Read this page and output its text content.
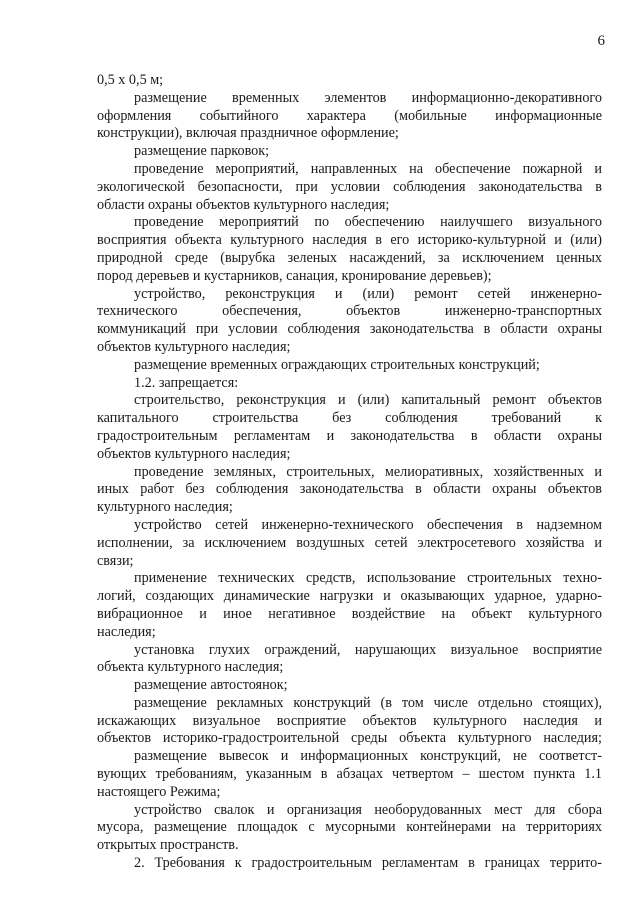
6
0,5 х 0,5 м;
размещение временных элементов информационно-декоративного
оформления событийного характера (мобильные информационные
конструкции), включая праздничное оформление;
размещение парковок;
проведение мероприятий, направленных на обеспечение пожарной и
экологической безопасности, при условии соблюдения законодательства в
области охраны объектов культурного наследия;
проведение мероприятий по обеспечению наилучшего визуального
восприятия объекта культурного наследия в его историко-культурной и (или)
природной среде (вырубка зеленых насаждений, за исключением ценных
пород деревьев и кустарников, санация, кронирование деревьев);
устройство, реконструкция и (или) ремонт сетей инженерно-
технического обеспечения, объектов инженерно-транспортных
коммуникаций при условии соблюдения законодательства в области охраны
объектов культурного наследия;
размещение временных ограждающих строительных конструкций;
1.2. запрещается:
строительство, реконструкция и (или) капитальный ремонт объектов
капитального строительства без соблюдения требований к
градостроительным регламентам и законодательства в области охраны
объектов культурного наследия;
проведение земляных, строительных, мелиоративных, хозяйственных и
иных работ без соблюдения законодательства в области охраны объектов
культурного наследия;
устройство сетей инженерно-технического обеспечения в надземном
исполнении, за исключением воздушных сетей электросетевого хозяйства и
связи;
применение технических средств, использование строительных техно-
логий, создающих динамические нагрузки и оказывающих ударное, ударно-
вибрационное и иное негативное воздействие на объект культурного
наследия;
установка глухих ограждений, нарушающих визуальное восприятие
объекта культурного наследия;
размещение автостоянок;
размещение рекламных конструкций (в том числе отдельно стоящих),
искажающих визуальное восприятие объектов культурного наследия и
объектов историко-градостроительной среды объекта культурного наследия;
размещение вывесок и информационных конструкций, не соответст-
вующих требованиям, указанным в абзацах четвертом – шестом пункта 1.1
настоящего Режима;
устройство свалок и организация необорудованных мест для сбора
мусора, размещение площадок с мусорными контейнерами на территориях
открытых пространств.
2. Требования к градостроительным регламентам в границах террито-
